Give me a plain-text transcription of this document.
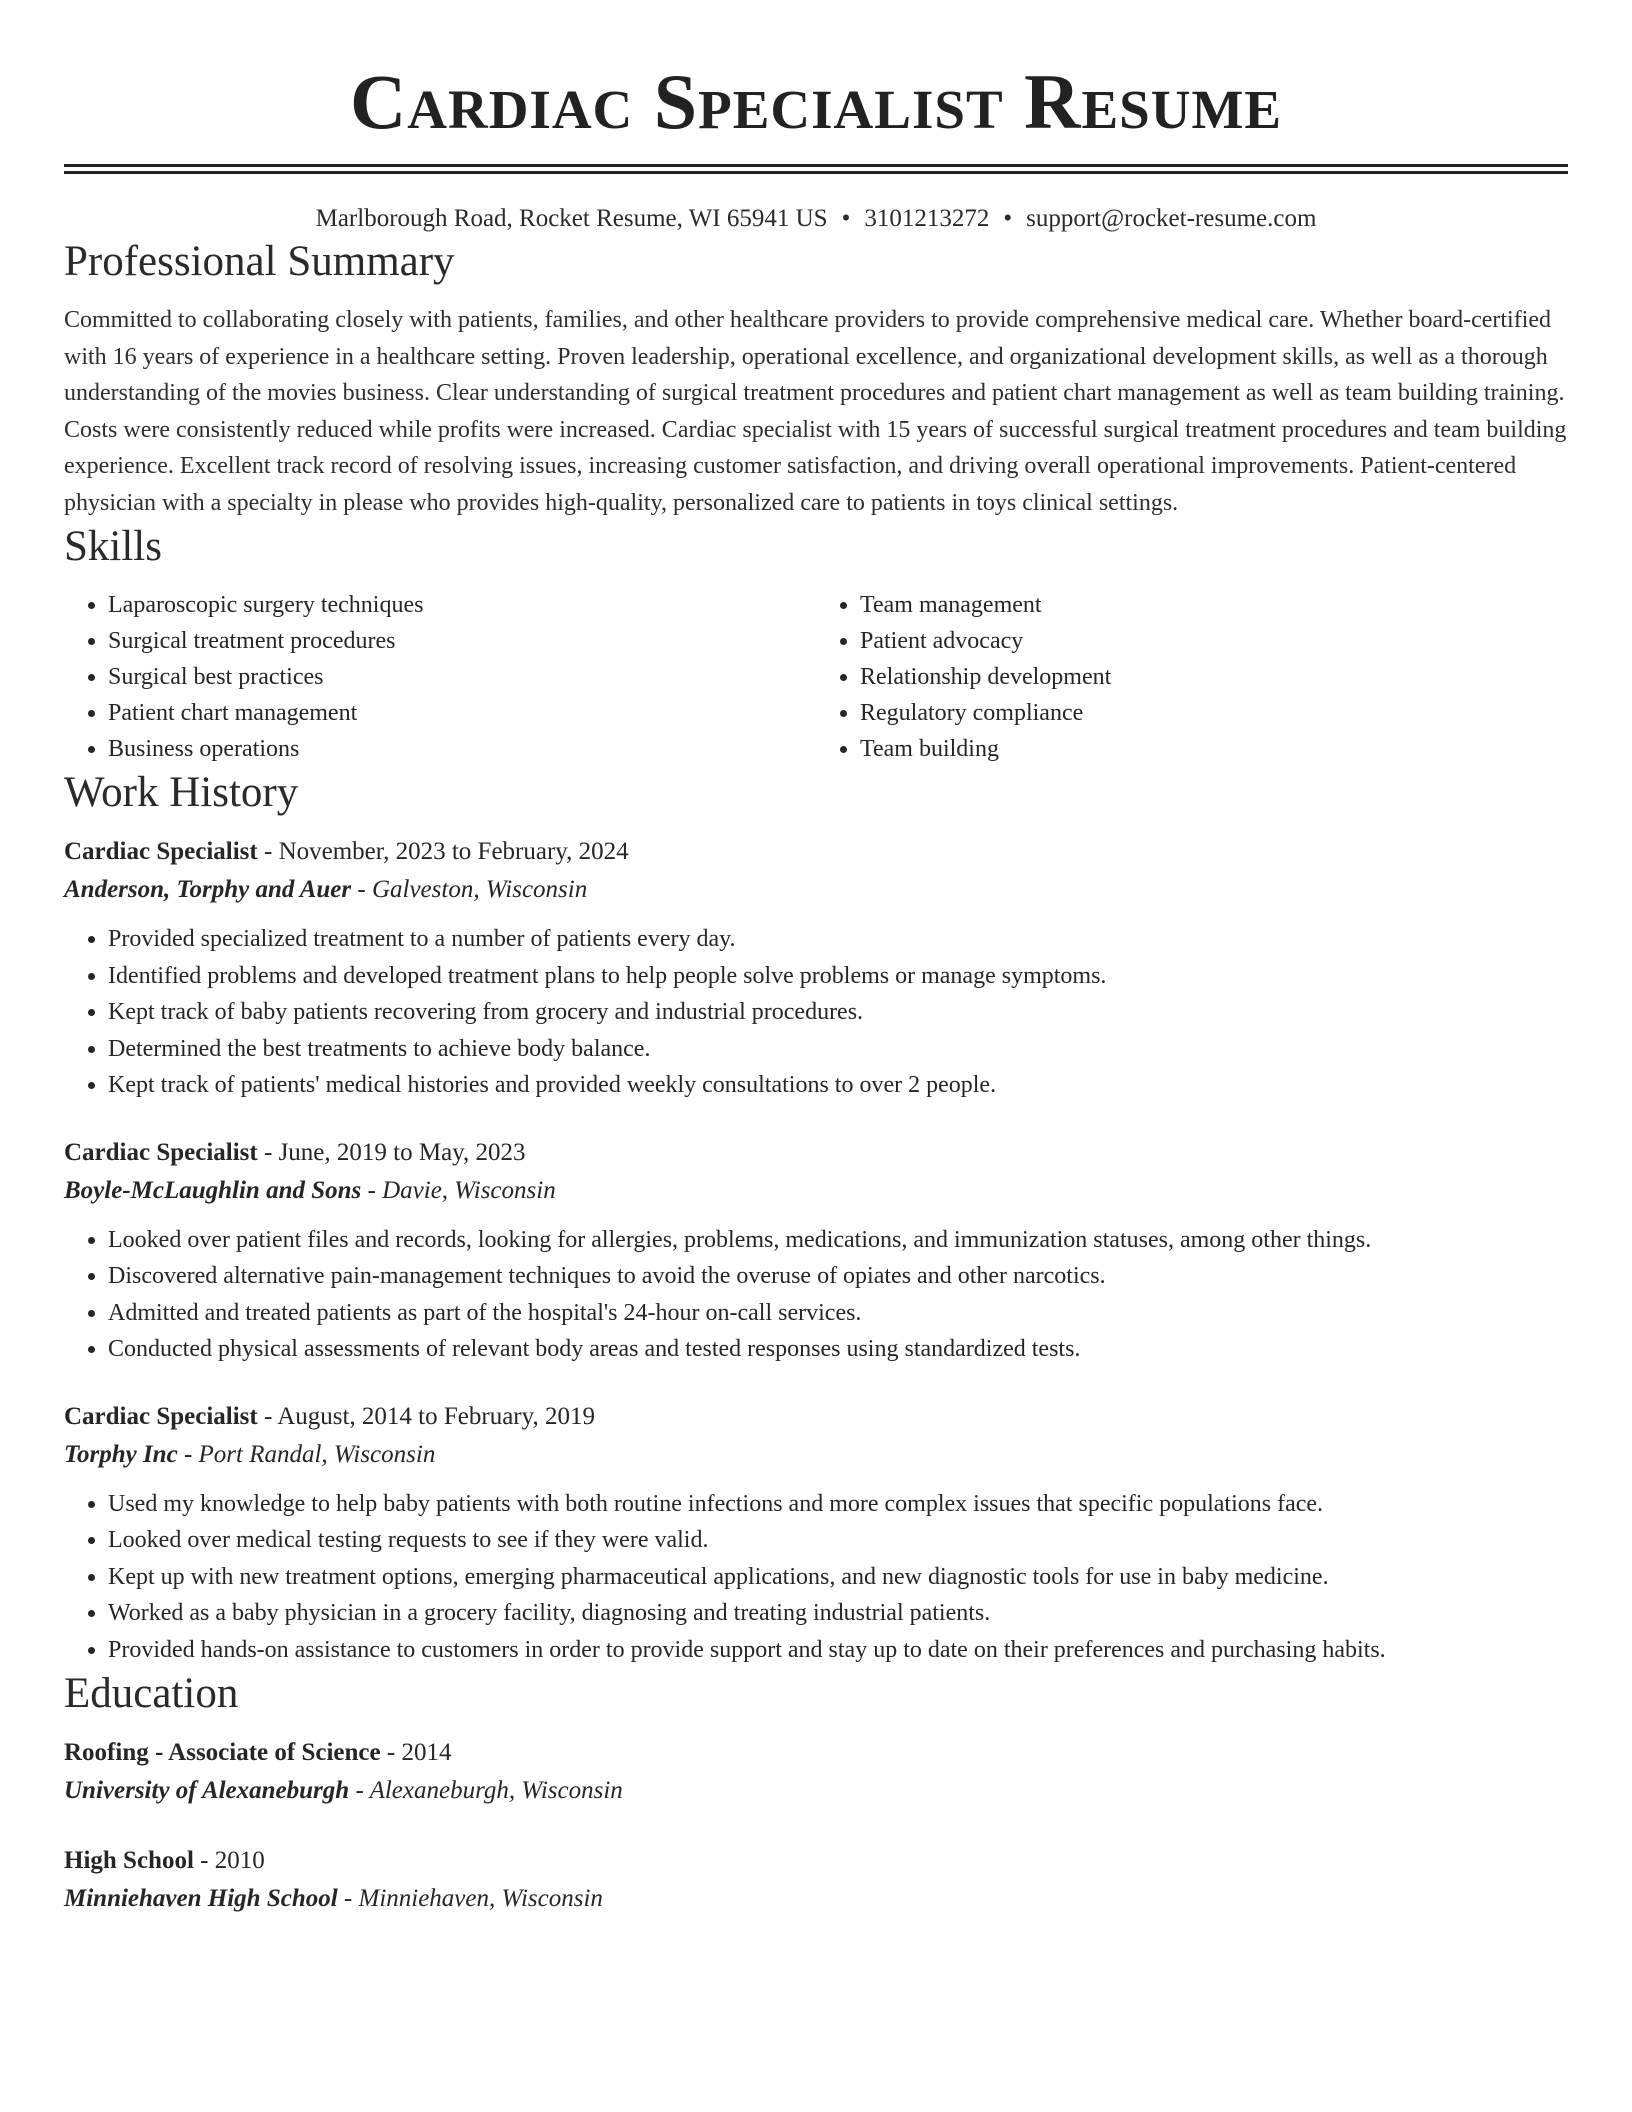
Cardiac Specialist Resume
Marlborough Road, Rocket Resume, WI 65941 US • 3101213272 • support@rocket-resume.com
Professional Summary

Committed to collaborating closely with patients, families, and other healthcare providers to provide comprehensive medical care. Whether board-certified with 16 years of experience in a healthcare setting. Proven leadership, operational excellence, and organizational development skills, as well as a thorough understanding of the movies business. Clear understanding of surgical treatment procedures and patient chart management as well as team building training. Costs were consistently reduced while profits were increased. Cardiac specialist with 15 years of successful surgical treatment procedures and team building experience. Excellent track record of resolving issues, increasing customer satisfaction, and driving overall operational improvements. Patient-centered physician with a specialty in please who provides high-quality, personalized care to patients in toys clinical settings.

Skills
• Laparoscopic surgery techniques
• Surgical treatment procedures
• Surgical best practices
• Patient chart management
• Business operations
• Team management
• Patient advocacy
• Relationship development
• Regulatory compliance
• Team building
Work History
Cardiac Specialist - November, 2023 to February, 2024
Anderson, Torphy and Auer - Galveston, Wisconsin
• Provided specialized treatment to a number of patients every day.
• Identified problems and developed treatment plans to help people solve problems or manage symptoms.
• Kept track of baby patients recovering from grocery and industrial procedures.
• Determined the best treatments to achieve body balance.
• Kept track of patients' medical histories and provided weekly consultations to over 2 people.
Cardiac Specialist - June, 2019 to May, 2023
Boyle-McLaughlin and Sons - Davie, Wisconsin
• Looked over patient files and records, looking for allergies, problems, medications, and immunization statuses, among other things.
• Discovered alternative pain-management techniques to avoid the overuse of opiates and other narcotics.
• Admitted and treated patients as part of the hospital's 24-hour on-call services.
• Conducted physical assessments of relevant body areas and tested responses using standardized tests.
Cardiac Specialist - August, 2014 to February, 2019
Torphy Inc - Port Randal, Wisconsin
• Used my knowledge to help baby patients with both routine infections and more complex issues that specific populations face.
• Looked over medical testing requests to see if they were valid.
• Kept up with new treatment options, emerging pharmaceutical applications, and new diagnostic tools for use in baby medicine.
• Worked as a baby physician in a grocery facility, diagnosing and treating industrial patients.
• Provided hands-on assistance to customers in order to provide support and stay up to date on their preferences and purchasing habits.
Education
Roofing - Associate of Science - 2014
University of Alexaneburgh - Alexaneburgh, Wisconsin
High School - 2010
Minniehaven High School - Minniehaven, Wisconsin
